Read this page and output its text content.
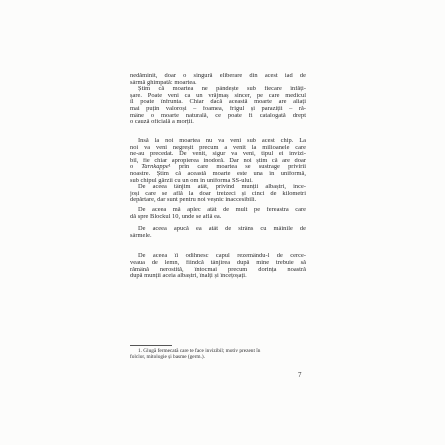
nedăminit, doar o singură eliberare din acest iad de
sârmă ghimpată: moartea.
Știm că moartea ne pândește sub fiecare înfăți-
șare. Poate veni ca un vrăjmaș sincer, pe care medicul
îl poate înfrunta. Chiar dacă această moarte are aliați
mai puțin valoroși – foamea, frigul și paraziții – ră-
mâne o moarte naturală, ce poate fi catalogată drept
o cauză oficială a morții.
Însă la noi moartea nu va veni sub acest chip. La
noi va veni negreșit precum a venit la milioanele care
ne-au precedat. De venit, sigur va veni, tipul ei invizi-
bil, fie chiar apropierea inodoră. Dar noi știm că are doar
o Tarnkappe¹ prin care moartea se sustrage privirii
noastre. Știm că această moarte este una în uniformă,
sub chipul gărzii cu un om în uniforma SS-ului.
De aceea tânjim atât, privind munții albaștri, ince-
joși care se află la doar treizeci și cinci de kilometri
depărtare, dar sunt pentru noi veșnic inaccesibili.
De aceea mă aplec atât de mult pe fereastra care
dă spre Blockul 10, unde se află ea.
De aceea apucă ea atât de strâns cu mâinile de
sârmele.
De aceea îi odihnesc capul rezemându-l de cerce-
veaua de lemn, fiindcă tânjirea după mine trebuie să
rămână nerostită, întocmai precum dorința noastră
după munții aceia albaștri, înalți și încețoșați.
1. Glugă fermecată care te face invizibil; motiv prezent în
folclor, mitologie și basme (germ.).
7
